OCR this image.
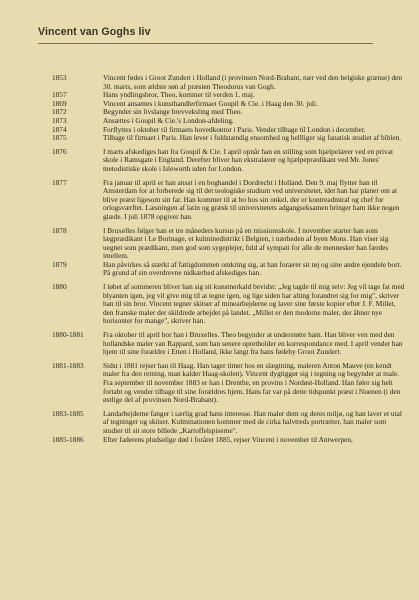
Vincent van Goghs liv
1853	Vincent fødes i Groot Zundert i Holland (i provinsen Nord-Brabant, nær ved den belgiske grænse) den 30. marts, som ældste søn af præsten Theodorus van Gogh.
1857	Hans yndlingsbror, Theo, kommer til verden 1. maj.
1869	Vincent ansættes i kunsthandlerfirmaet Goupil & Cie. i Haag den 30. juli.
1872	Begynder sin livslange brevveksling med Theo.
1873	Ansættes i Goupil & Cie.'s London-afdeling.
1874	Forflyttes i oktober til firmaets hovedkontor i Paris. Vender tilbage til London i december.
1875	Tilbage til firmaet i Paris. Han lever i fuldstændig ensomhed og hellliger sig fanatisk studiet af biblen.
1876	I marts afskediges han fra Goupil & Cie. I april opnår han en stilling som hjælpelærer ved en privat skole i Ramsgate i England. Derefter bliver han ekstralærer og hjælpeprædikant ved Mr. Jones' metodistiske skole i Isleworth uden for London.
1877	Fra januar til april er han ansat i en boghandel i Dordrecht i Holland. Den 9. maj flytter han til Amsterdam for at forberede sig til det teologiske studium ved universitetet, idet han har planer om at blive præst ligesom sin far. Han kommer til at bo hos sin onkel, der er kontreadmiral og chef for orlogsværftet. Læsningen af latin og græsk til universitetets adgangseksamen bringer ham ikke nogen glæde. I juli 1878 opgiver han.
1878	I Bruxelles følger han et tre måneders kursus på en missionsskole. I november starter han som lægprædikant i Le Borinage, et kulminedistrikt i Belgien, i nærheden af byen Mons. Han viser sig uegnet som prædikant, men god som sygeplejer, fuld af sympati for alle de mennesker han færdes imellem.
1879	Han påvirkes så stærkt af fattigdommen omkring sig, at han forærer sit tøj og sine andre ejendele bort. På grund af sin overdrevne nidkærhed afskediges han.
1880	I løbet af sommeren bliver han sig sit kunstnerkald bevidst: „Jeg tagde til mig selv: Jeg vil tage fat med blyanten igen, jeg vil give mig til at tegne igen, og lige siden har alting forandret sig for mig", skriver han til sin bror. Vincent tegner skitser af minearbejderne og laver sine første kopier efter J. F. Millet, den franske maler der skildrede arbejdet på landet. „Millet er den moderne maler, der åbner nye horisonter for mange", skriver han.
1880-1881	Fra oktober til april bor han i Bruxelles. Theo begynder at understøtte ham. Han bliver ven med den hollandske maler van Rappard, som han senere opretholder en korrespondance med. I april vender han hjem til sine forældre i Etten i Holland, ikke langt fra hans fødeby Groot Zundert.
1881-1883	Sidst i 1881 rejser han til Haag. Han tager timer hos en slægtning, maleren Anton Mauve (en kendt maler fra den retning, man kalder Haag-skolen). Vincent dygtiggør sig i tegning og begynder at male. Fra september til november 1883 er han i Drenthe, en provins i Nordøst-Holland. Han føler sig helt fortabt og vender tilbage til sine forældres hjem. Hans far var på dette tidspunkt præst i Nuenen (i den østlige del af provinsen Nord-Brabant).
1883-1885	Landarbejderne fanger i særlig grad hans interesse. Han maler dem og deres miljø, og han laver et utal af tegninger og skitser. Kulminationen kommer med de cirka halvtreds portrætter, han maler som studier til sit store billede „Kartoffelspiserne".
1885-1886	Efter faderens pludselige død i foråret 1885, rejser Vincent i november til Antwerpen,
